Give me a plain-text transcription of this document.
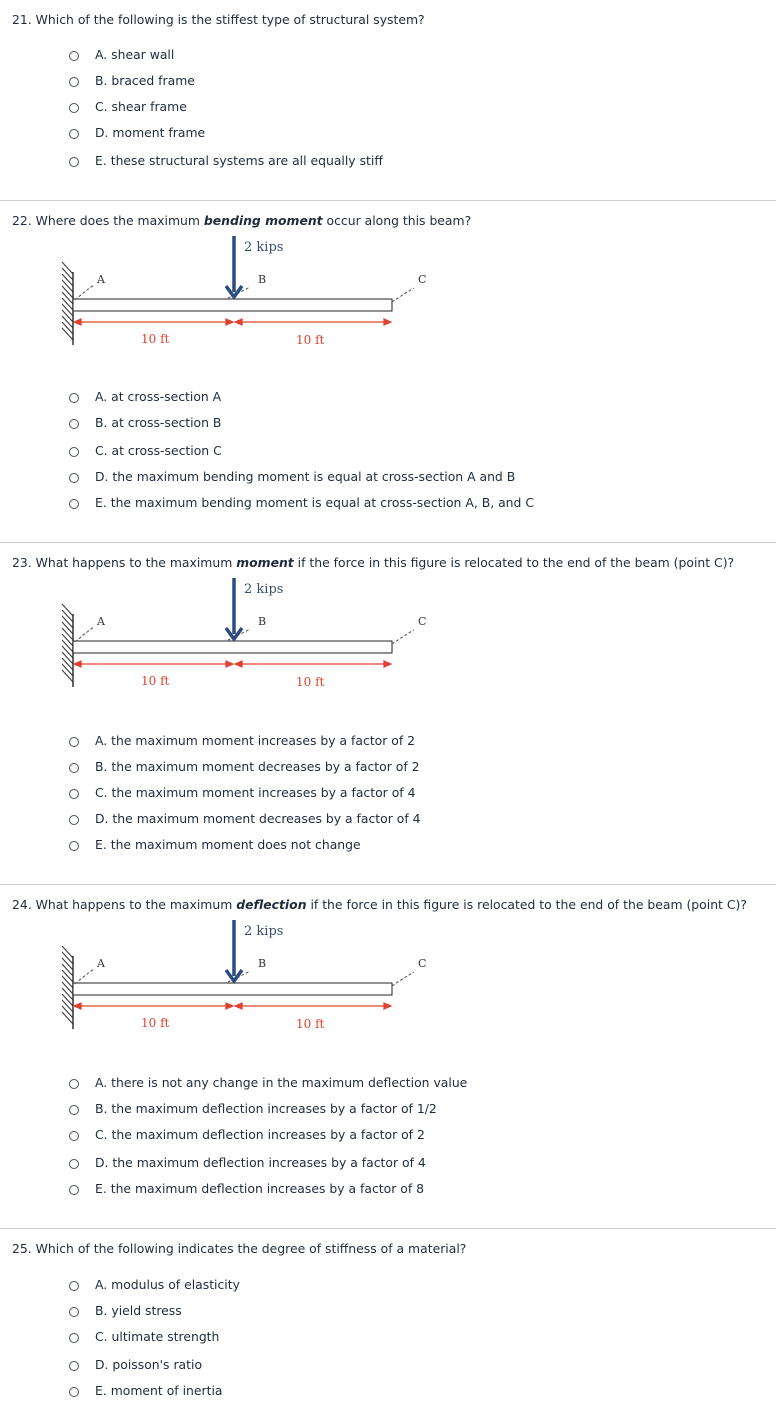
21. Which of the following is the stiffest type of structural system?
A. shear wall
B. braced frame
C. shear frame
D. moment frame
E. these structural systems are all equally stiff
22. Where does the maximum bending moment occur along this beam?
2 kips
A	B	C
10 ft	10 ft
A. at cross-section A
B. at cross-section B
C. at cross-section C
D. the maximum bending moment is equal at cross-section A and B
E. the maximum bending moment is equal at cross-section A, B, and C
23. What happens to the maximum moment if the force in this figure is relocated to the end of the beam (point C)?
2 kips
A	B	C
10 ft	10 ft
A. the maximum moment increases by a factor of 2
B. the maximum moment decreases by a factor of 2
C. the maximum moment increases by a factor of 4
D. the maximum moment decreases by a factor of 4
E. the maximum moment does not change
24. What happens to the maximum deflection if the force in this figure is relocated to the end of the beam (point C)?
2 kips
A	B	C
10 ft	10 ft
A. there is not any change in the maximum deflection value
B. the maximum deflection increases by a factor of 1/2
C. the maximum deflection increases by a factor of 2
D. the maximum deflection increases by a factor of 4
E. the maximum deflection increases by a factor of 8
25. Which of the following indicates the degree of stiffness of a material?
A. modulus of elasticity
B. yield stress
C. ultimate strength
D. poisson's ratio
E. moment of inertia
